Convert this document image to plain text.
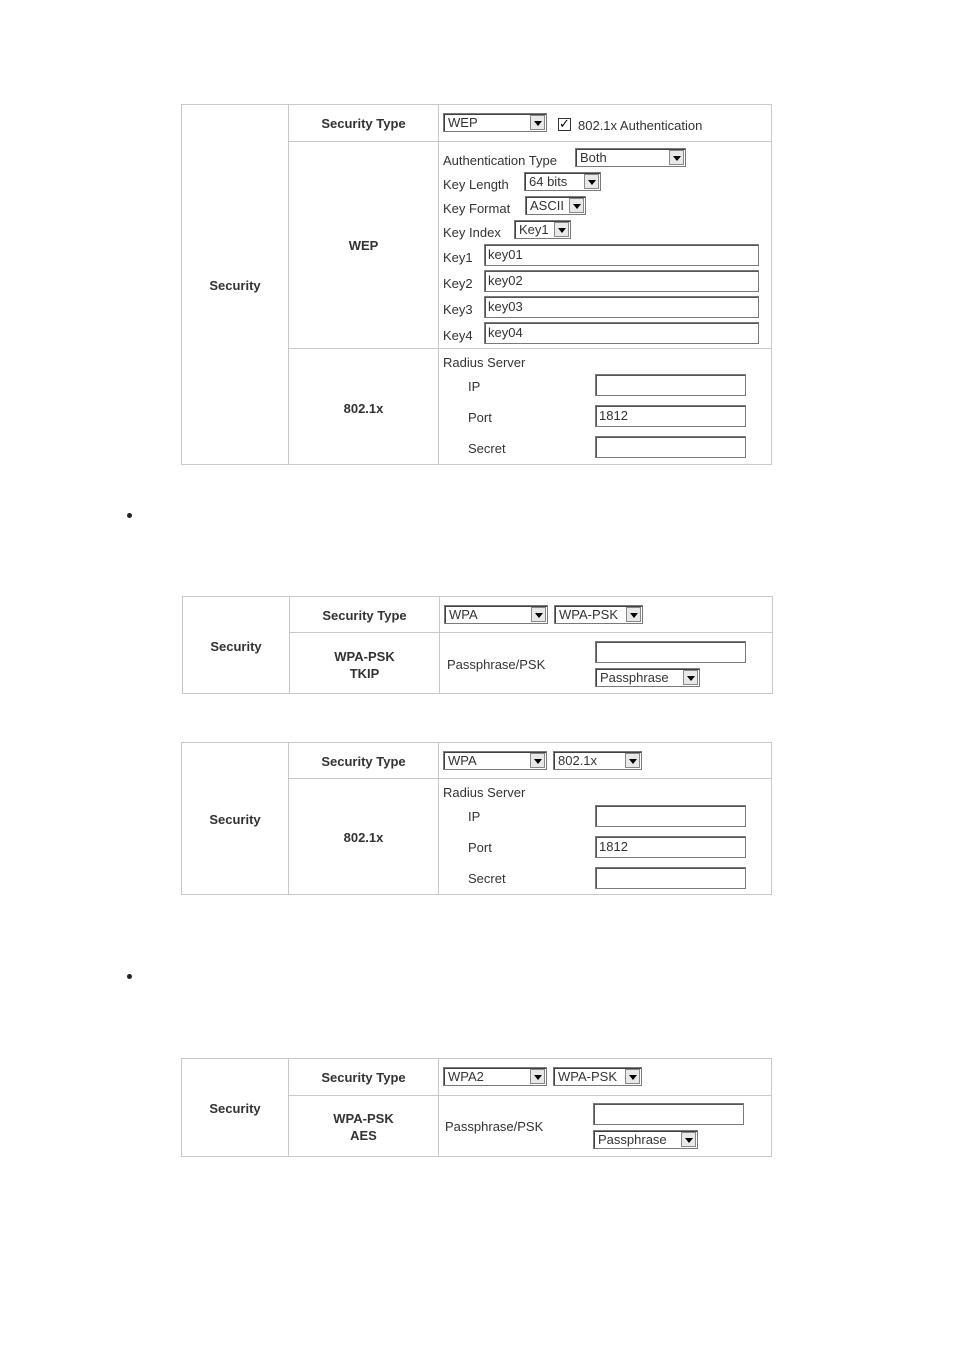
Security
Security Type
WEP
802.1x
WEP
✓	802.1x Authentication
Authentication Type	Both
Key Length	64 bits
Key Format	ASCII
Key Index	Key1
Key1	key01
Key2	key02
Key3	key03
Key4	key04
Radius Server
IP
Port	1812
Secret
Security
Security Type
WPA-PSK
TKIP
WPA	WPA-PSK
Passphrase/PSK
Passphrase
Security
Security Type
802.1x
WPA	802.1x
Radius Server
IP
Port	1812
Secret
Security
Security Type
WPA-PSK
AES
WPA2	WPA-PSK
Passphrase/PSK
Passphrase
